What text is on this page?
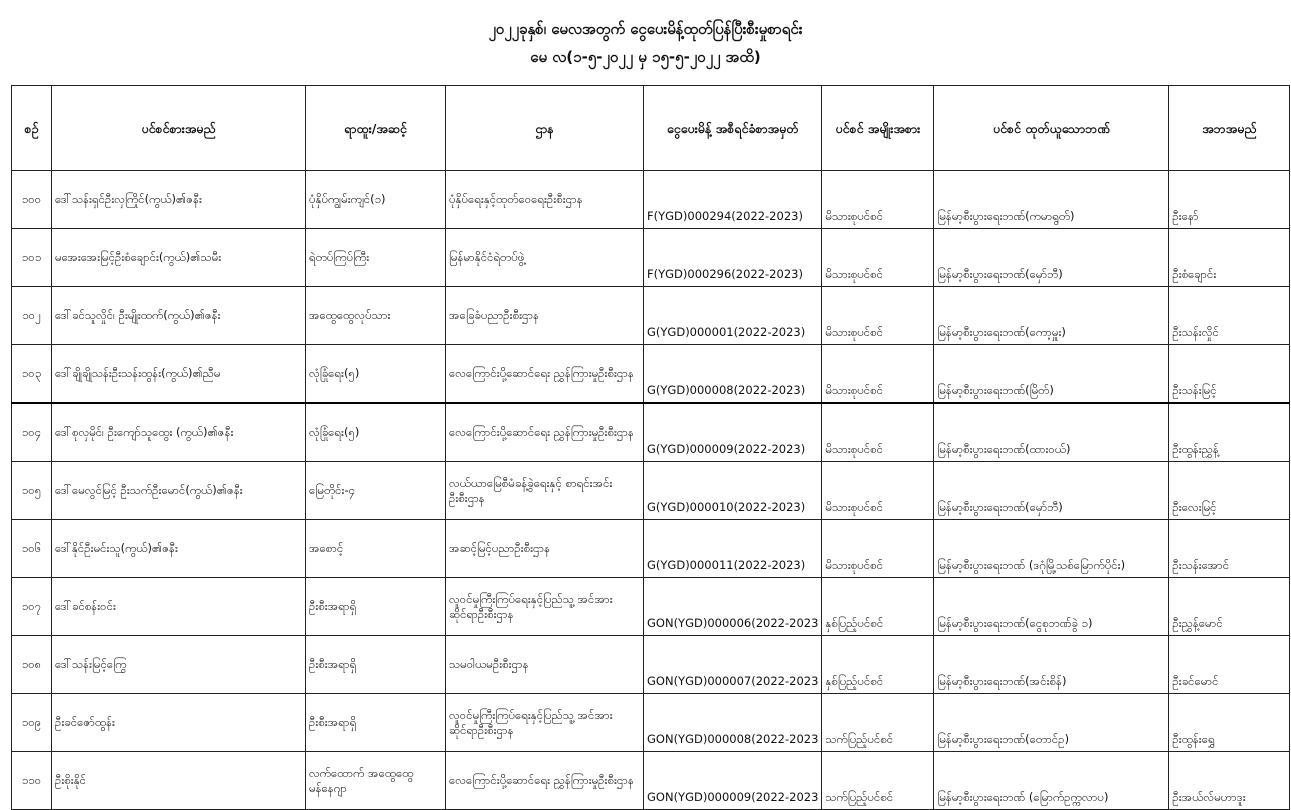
၂၀၂၂ခုနှစ်၊ မေလအတွက် ငွေပေးမိန့်ထုတ်ပြန်ပြီးစီးမှုစာရင်း
မေ လ(၁-၅-၂၀၂၂ မှ ၁၅-၅-၂၀၂၂ အထိ)
စဉ်	ပင်စင်စားအမည်	ရာထူး/အဆင့်	ဌာန	ငွေပေးမိန့် အစီရင်ခံစာအမှတ်	ပင်စင် အမျိုးအစား	ပင်စင် ထုတ်ယူသောဘဏ်	အဘအမည်
၁၀၀	ဒေါ်သန်းရှင်ဦးလှကြိုင်(ကွယ်)၏ဇနီး	ပုံနှိပ်ကျွမ်းကျင်(၁)	ပုံနှိပ်ရေးနှင့်ထုတ်ဝေရေးဦးစီးဌာန	F(YGD)000294(2022-2023)	မိသားစုပင်စင်	မြန်မာ့စီးပွားရေးဘဏ်(ကမာရွတ်)	ဦးနော်
၁၀၁	မအေးအေးမြင့်ဦးစံချောင်း(ကွယ်)၏သမီး	ရဲတပ်ကြပ်ကြီး	မြန်မာနိုင်ငံရဲတပ်ဖွဲ့	F(YGD)000296(2022-2023)	မိသားစုပင်စင်	မြန်မာ့စီးပွားရေးဘဏ်(မှော်ဘီ)	ဦးစံချောင်း
၁၀၂	ဒေါ်ခင်သူလှိုင်၊ ဦးမျိုးထက်(ကွယ်)၏ဇနီး	အထွေထွေလုပ်သား	အခြေခံပညာဦးစီးဌာန	G(YGD)000001(2022-2023)	မိသားစုပင်စင်	မြန်မာ့စီးပွားရေးဘဏ်(ကော့မှူး)	ဦးသန်းလှိုင်
၁၀၃	ဒေါ်ချိုချိုသန်းဦးသန်းထွန်း(ကွယ်)၏ညီမ	လုံခြုံရေး(၅)	လေကြောင်းပို့ဆောင်ရေး ညွှန်ကြားမှုဦးစီးဌာန	G(YGD)000008(2022-2023)	မိသားစုပင်စင်	မြန်မာ့စီးပွားရေးဘဏ်(မြိတ်)	ဦးသန်းမြင့်
၁၀၄	ဒေါ်စုလှမိုင်၊ ဦးကျော်သူထွေး (ကွယ်)၏ဇနီး	လုံခြုံရေး(၅)	လေကြောင်းပို့ဆောင်ရေး ညွှန်ကြားမှုဦးစီးဌာန	G(YGD)000009(2022-2023)	မိသားစုပင်စင်	မြန်မာ့စီးပွားရေးဘဏ်(ထားဝယ်)	ဦးထွန်းညွှန့်
၁၀၅	ဒေါ်မေလွင်မြင့် ဦးသက်ဦးမောင်(ကွယ်)၏ဇနီး	မြေတိုင်း-၄	လယ်ယာမြေစီမံခန့်ခွဲရေးနှင့် စာရင်းအင်းဦးစီးဌာန	G(YGD)000010(2022-2023)	မိသားစုပင်စင်	မြန်မာ့စီးပွားရေးဘဏ်(မှော်ဘီ)	ဦးလေးမြင့်
၁၀၆	ဒေါ်နိုင်ဦးမင်းသူ(ကွယ်)၏ဇနီး	အစောင့်	အဆင့်မြင့်ပညာဦးစီးဌာန	G(YGD)000011(2022-2023)	မိသားစုပင်စင်	မြန်မာ့စီးပွားရေးဘဏ် (ဒဂုံမြို့သစ်မြောက်ပိုင်း)	ဦးသန်းအောင်
၁၀၇	ဒေါ်ခင်စန်းဝင်း	ဦးစီးအရာရှိ	လူဝင်မှုကြီးကြပ်ရေးနှင့်ပြည်သူ့ အင်အားဆိုင်ရာဦးစီးဌာန	GON(YGD)000006(2022-2023	နှစ်ပြည့်ပင်စင်	မြန်မာ့စီးပွားရေးဘဏ်(ငွေစုဘဏ်ခွဲ ၁)	ဦးညွှန့်မောင်
၁၀၈	ဒေါ်သန်းမြင့်ကြွေ	ဦးစီးအရာရှိ	သမဝါယမဦးစီးဌာန	GON(YGD)000007(2022-2023	နှစ်ပြည့်ပင်စင်	မြန်မာ့စီးပွားရေးဘဏ်(အင်းစိန်)	ဦးခင်မောင်
၁၀၉	ဦးခင်ဇော်ထွန်း	ဦးစီးအရာရှိ	လူဝင်မှုကြီးကြပ်ရေးနှင့်ပြည်သူ့ အင်အားဆိုင်ရာဦးစီးဌာန	GON(YGD)000008(2022-2023	သက်ပြည့်ပင်စင်	မြန်မာ့စီးပွားရေးဘဏ်(တောင်ဥ)	ဦးထွန်းရွှေ
၁၁၀	ဦးစိုးနိုင်	လက်ထောက် အထွေထွေမန်နေဂျာ	လေကြောင်းပို့ဆောင်ရေး ညွှန်ကြားမှုဦးစီးဌာန	GON(YGD)000009(2022-2023	သက်ပြည့်ပင်စင်	မြန်မာ့စီးပွားရေးဘဏ် (မြောက်ဥက္ကလာပ)	ဦးအယ်လ်မဟာဒူး
